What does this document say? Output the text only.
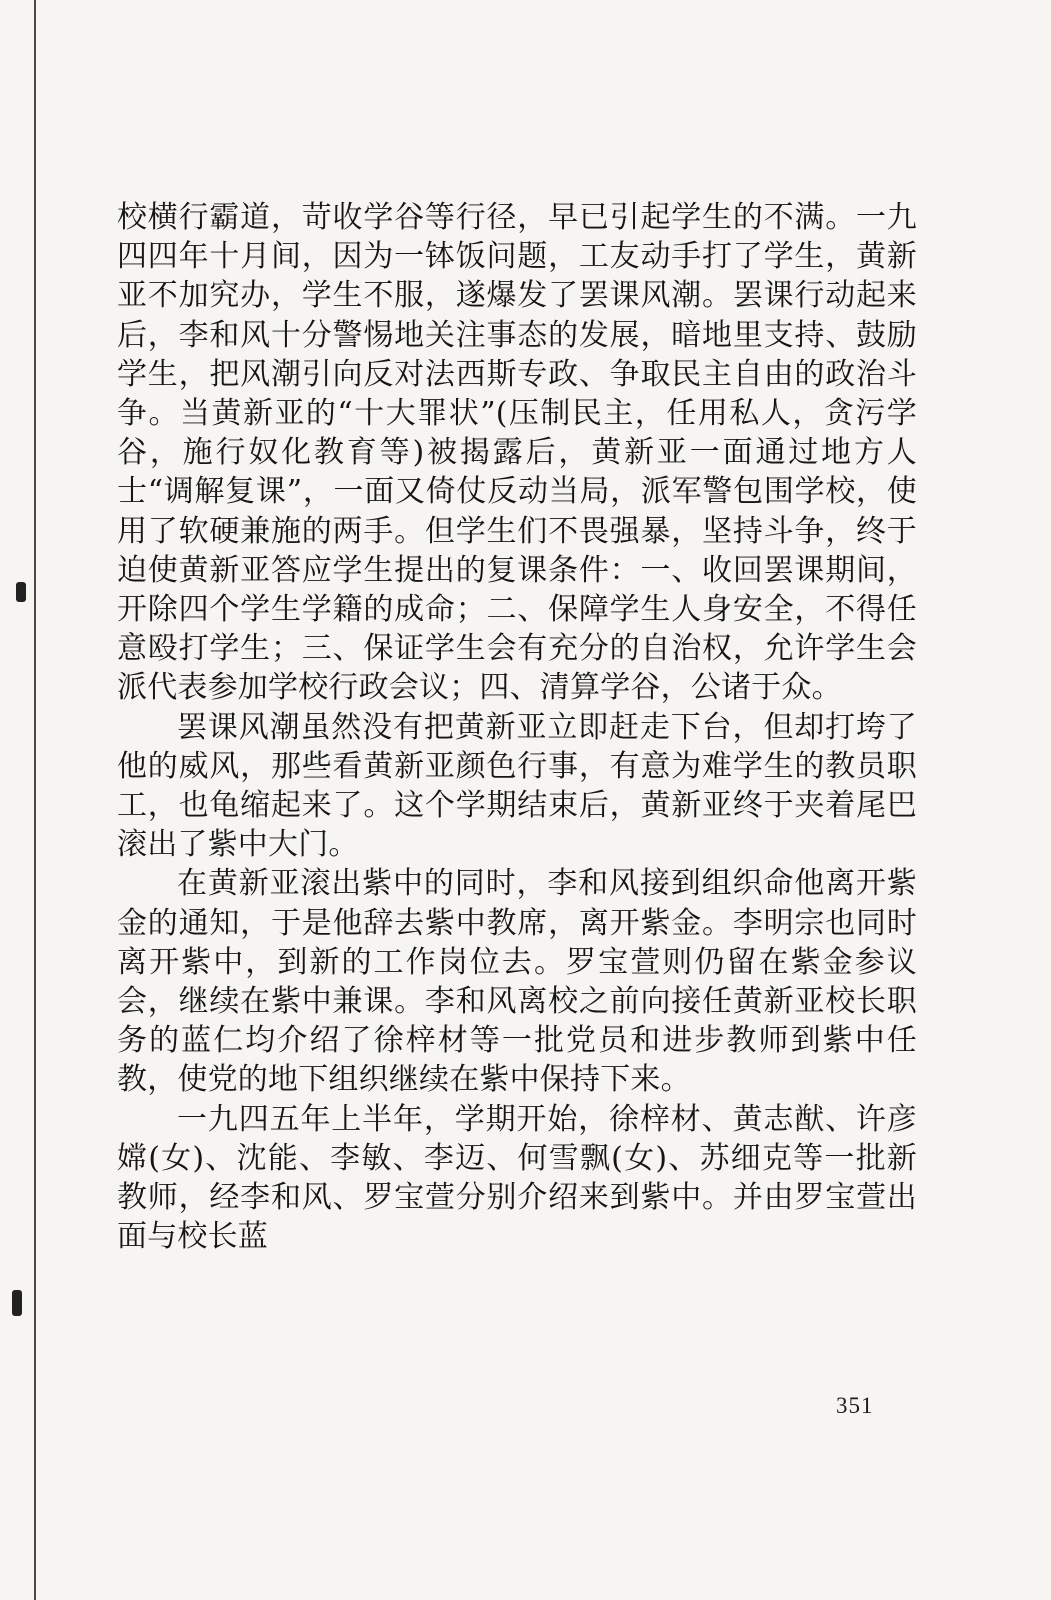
校横行霸道，苛收学谷等行径，早已引起学生的不满。一九四四年十月间，因为一钵饭问题，工友动手打了学生，黄新亚不加究办，学生不服，遂爆发了罢课风潮。罢课行动起来后，李和风十分警惕地关注事态的发展，暗地里支持、鼓励学生，把风潮引向反对法西斯专政、争取民主自由的政治斗争。当黄新亚的“十大罪状”(压制民主，任用私人，贪污学谷，施行奴化教育等)被揭露后，黄新亚一面通过地方人士“调解复课”，一面又倚仗反动当局，派军警包围学校，使用了软硬兼施的两手。但学生们不畏强暴，坚持斗争，终于迫使黄新亚答应学生提出的复课条件：一、收回罢课期间，开除四个学生学籍的成命；二、保障学生人身安全，不得任意殴打学生；三、保证学生会有充分的自治权，允许学生会派代表参加学校行政会议；四、清算学谷，公诸于众。

罢课风潮虽然没有把黄新亚立即赶走下台，但却打垮了他的威风，那些看黄新亚颜色行事，有意为难学生的教员职工，也龟缩起来了。这个学期结束后，黄新亚终于夹着尾巴滚出了紫中大门。

在黄新亚滚出紫中的同时，李和风接到组织命他离开紫金的通知，于是他辞去紫中教席，离开紫金。李明宗也同时离开紫中，到新的工作岗位去。罗宝萱则仍留在紫金参议会，继续在紫中兼课。李和风离校之前向接任黄新亚校长职务的蓝仁均介绍了徐梓材等一批党员和进步教师到紫中任教，使党的地下组织继续在紫中保持下来。

一九四五年上半年，学期开始，徐梓材、黄志猷、许彦嫦(女)、沈能、李敏、李迈、何雪飘(女)、苏细克等一批新教师，经李和风、罗宝萱分别介绍来到紫中。并由罗宝萱出面与校长蓝

351
